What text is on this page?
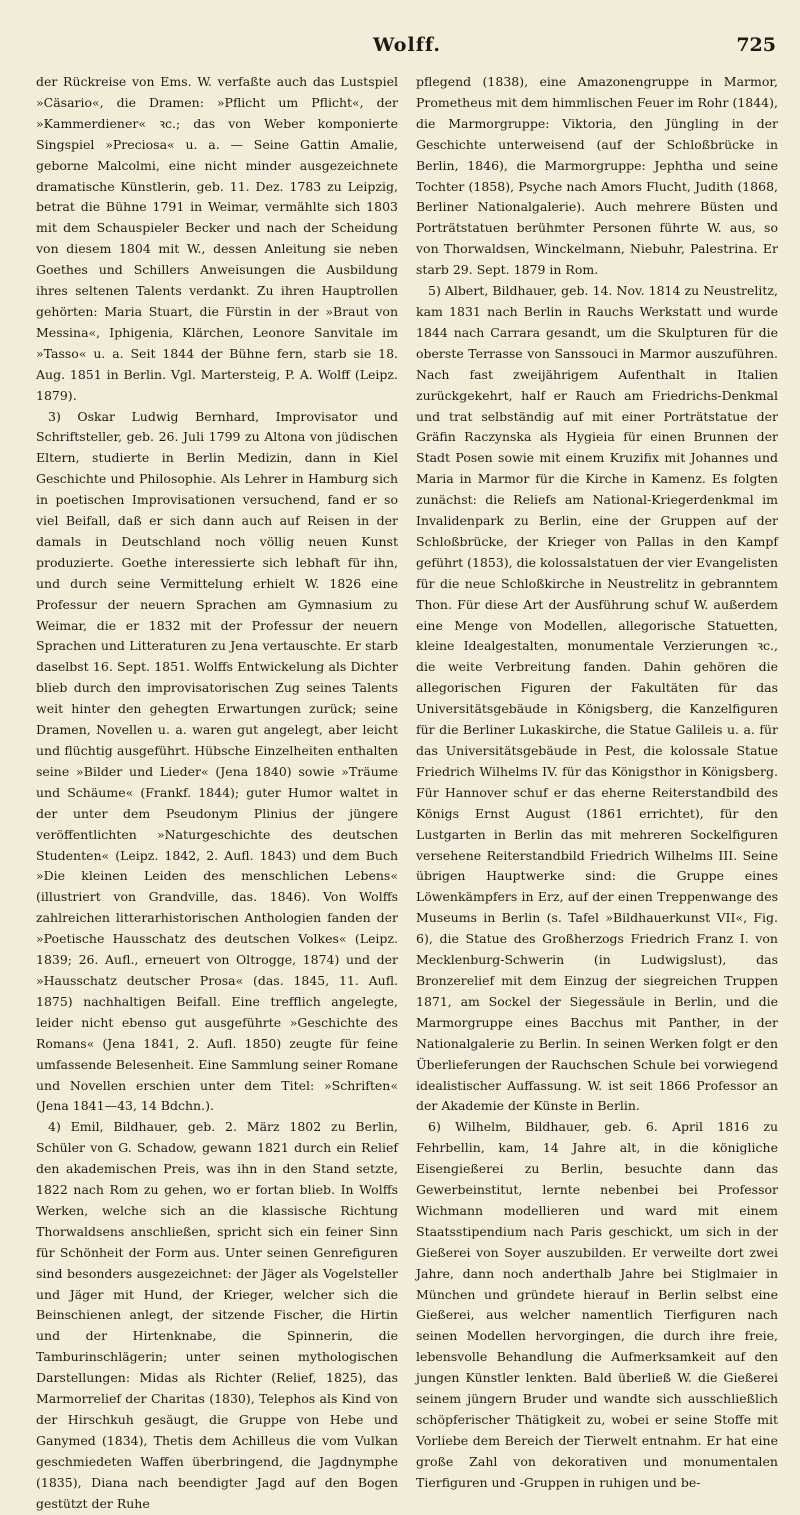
Wolff.	725

der Rückreise von Ems. W. verfaßte auch das Lustspiel »Cäsario«, die Dramen: »Pflicht um Pflicht«, der »Kammerdiener« ꝛc.; das von Weber komponierte Singspiel »Preciosa« u. a. — Seine Gattin Amalie, geborne Malcolmi, eine nicht minder ausgezeichnete dramatische Künstlerin, geb. 11. Dez. 1783 zu Leipzig, betrat die Bühne 1791 in Weimar, vermählte sich 1803 mit dem Schauspieler Becker und nach der Scheidung von diesem 1804 mit W., dessen Anleitung sie neben Goethes und Schillers Anweisungen die Ausbildung ihres seltenen Talents verdankt. Zu ihren Hauptrollen gehörten: Maria Stuart, die Fürstin in der »Braut von Messina«, Iphigenia, Klärchen, Leonore Sanvitale im »Tasso« u. a. Seit 1844 der Bühne fern, starb sie 18. Aug. 1851 in Berlin. Vgl. Martersteig, P. A. Wolff (Leipz. 1879).

3) Oskar Ludwig Bernhard, Improvisator und Schriftsteller, geb. 26. Juli 1799 zu Altona von jüdischen Eltern, studierte in Berlin Medizin, dann in Kiel Geschichte und Philosophie. Als Lehrer in Hamburg sich in poetischen Improvisationen versuchend, fand er so viel Beifall, daß er sich dann auch auf Reisen in der damals in Deutschland noch völlig neuen Kunst produzierte. Goethe interessierte sich lebhaft für ihn, und durch seine Vermittelung erhielt W. 1826 eine Professur der neuern Sprachen am Gymnasium zu Weimar, die er 1832 mit der Professur der neuern Sprachen und Litteraturen zu Jena vertauschte. Er starb daselbst 16. Sept. 1851. Wolffs Entwickelung als Dichter blieb durch den improvisatorischen Zug seines Talents weit hinter den gehegten Erwartungen zurück; seine Dramen, Novellen u. a. waren gut angelegt, aber leicht und flüchtig ausgeführt. Hübsche Einzelheiten enthalten seine »Bilder und Lieder« (Jena 1840) sowie »Träume und Schäume« (Frankf. 1844); guter Humor waltet in der unter dem Pseudonym Plinius der jüngere veröffentlichten »Naturgeschichte des deutschen Studenten« (Leipz. 1842, 2. Aufl. 1843) und dem Buch »Die kleinen Leiden des menschlichen Lebens« (illustriert von Grandville, das. 1846). Von Wolffs zahlreichen litterarhistorischen Anthologien fanden der »Poetische Hausschatz des deutschen Volkes« (Leipz. 1839; 26. Aufl., erneuert von Oltrogge, 1874) und der »Hausschatz deutscher Prosa« (das. 1845, 11. Aufl. 1875) nachhaltigen Beifall. Eine trefflich angelegte, leider nicht ebenso gut ausgeführte »Geschichte des Romans« (Jena 1841, 2. Aufl. 1850) zeugte für feine umfassende Belesenheit. Eine Sammlung seiner Romane und Novellen erschien unter dem Titel: »Schriften« (Jena 1841—43, 14 Bdchn.).

4) Emil, Bildhauer, geb. 2. März 1802 zu Berlin, Schüler von G. Schadow, gewann 1821 durch ein Relief den akademischen Preis, was ihn in den Stand setzte, 1822 nach Rom zu gehen, wo er fortan blieb. In Wolffs Werken, welche sich an die klassische Richtung Thorwaldsens anschließen, spricht sich ein feiner Sinn für Schönheit der Form aus. Unter seinen Genrefiguren sind besonders ausgezeichnet: der Jäger als Vogelsteller und Jäger mit Hund, der Krieger, welcher sich die Beinschienen anlegt, der sitzende Fischer, die Hirtin und der Hirtenknabe, die Spinnerin, die Tamburinschlägerin; unter seinen mythologischen Darstellungen: Midas als Richter (Relief, 1825), das Marmorrelief der Charitas (1830), Telephos als Kind von der Hirschkuh gesäugt, die Gruppe von Hebe und Ganymed (1834), Thetis dem Achilleus die vom Vulkan geschmiedeten Waffen überbringend, die Jagdnymphe (1835), Diana nach beendigter Jagd auf den Bogen gestützt der Ruhe

pflegend (1838), eine Amazonengruppe in Marmor, Prometheus mit dem himmlischen Feuer im Rohr (1844), die Marmorgruppe: Viktoria, den Jüngling in der Geschichte unterweisend (auf der Schloßbrücke in Berlin, 1846), die Marmorgruppe: Jephtha und seine Tochter (1858), Psyche nach Amors Flucht, Judith (1868, Berliner Nationalgalerie). Auch mehrere Büsten und Porträtstatuen berühmter Personen führte W. aus, so von Thorwaldsen, Winckelmann, Niebuhr, Palestrina. Er starb 29. Sept. 1879 in Rom.

5) Albert, Bildhauer, geb. 14. Nov. 1814 zu Neustrelitz, kam 1831 nach Berlin in Rauchs Werkstatt und wurde 1844 nach Carrara gesandt, um die Skulpturen für die oberste Terrasse von Sanssouci in Marmor auszuführen. Nach fast zweijährigem Aufenthalt in Italien zurückgekehrt, half er Rauch am Friedrichs-Denkmal und trat selbständig auf mit einer Porträtstatue der Gräfin Raczynska als Hygieia für einen Brunnen der Stadt Posen sowie mit einem Kruzifix mit Johannes und Maria in Marmor für die Kirche in Kamenz. Es folgten zunächst: die Reliefs am National-Kriegerdenkmal im Invalidenpark zu Berlin, eine der Gruppen auf der Schloßbrücke, der Krieger von Pallas in den Kampf geführt (1853), die kolossalstatuen der vier Evangelisten für die neue Schloßkirche in Neustrelitz in gebranntem Thon. Für diese Art der Ausführung schuf W. außerdem eine Menge von Modellen, allegorische Statuetten, kleine Idealgestalten, monumentale Verzierungen ꝛc., die weite Verbreitung fanden. Dahin gehören die allegorischen Figuren der Fakultäten für das Universitätsgebäude in Königsberg, die Kanzelfiguren für die Berliner Lukaskirche, die Statue Galileis u. a. für das Universitätsgebäude in Pest, die kolossale Statue Friedrich Wilhelms IV. für das Königsthor in Königsberg. Für Hannover schuf er das eherne Reiterstandbild des Königs Ernst August (1861 errichtet), für den Lustgarten in Berlin das mit mehreren Sockelfiguren versehene Reiterstandbild Friedrich Wilhelms III. Seine übrigen Hauptwerke sind: die Gruppe eines Löwenkämpfers in Erz, auf der einen Treppenwange des Museums in Berlin (s. Tafel »Bildhauerkunst VII«, Fig. 6), die Statue des Großherzogs Friedrich Franz I. von Mecklenburg-Schwerin (in Ludwigslust), das Bronzerelief mit dem Einzug der siegreichen Truppen 1871, am Sockel der Siegessäule in Berlin, und die Marmorgruppe eines Bacchus mit Panther, in der Nationalgalerie zu Berlin. In seinen Werken folgt er den Überlieferungen der Rauchschen Schule bei vorwiegend idealistischer Auffassung. W. ist seit 1866 Professor an der Akademie der Künste in Berlin.

6) Wilhelm, Bildhauer, geb. 6. April 1816 zu Fehrbellin, kam, 14 Jahre alt, in die königliche Eisengießerei zu Berlin, besuchte dann das Gewerbeinstitut, lernte nebenbei bei Professor Wichmann modellieren und ward mit einem Staatsstipendium nach Paris geschickt, um sich in der Gießerei von Soyer auszubilden. Er verweilte dort zwei Jahre, dann noch anderthalb Jahre bei Stiglmaier in München und gründete hierauf in Berlin selbst eine Gießerei, aus welcher namentlich Tierfiguren nach seinen Modellen hervorgingen, die durch ihre freie, lebensvolle Behandlung die Aufmerksamkeit auf den jungen Künstler lenkten. Bald überließ W. die Gießerei seinem jüngern Bruder und wandte sich ausschließlich schöpferischer Thätigkeit zu, wobei er seine Stoffe mit Vorliebe dem Bereich der Tierwelt entnahm. Er hat eine große Zahl von dekorativen und monumentalen Tierfiguren und -Gruppen in ruhigen und be-
